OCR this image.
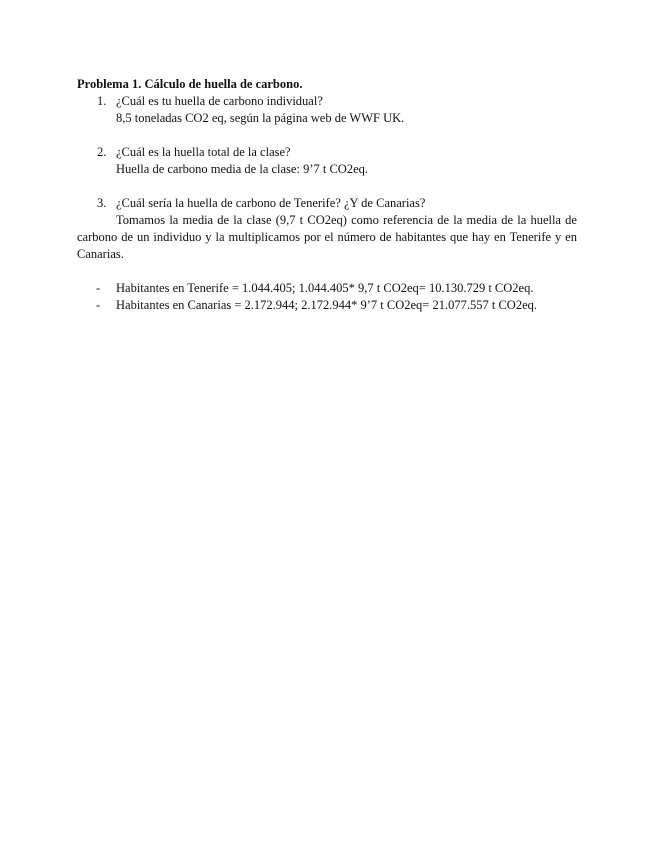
Problema 1. Cálculo de huella de carbono.
1. ¿Cuál es tu huella de carbono individual?
8,5 toneladas CO2 eq, según la página web de WWF UK.
2. ¿Cuál es la huella total de la clase?
Huella de carbono media de la clase: 9’7 t CO2eq.
3. ¿Cuál sería la huella de carbono de Tenerife? ¿Y de Canarias?

Tomamos la media de la clase (9,7 t CO2eq) como referencia de la media de la huella de carbono de un individuo y la multiplicamos por el número de habitantes que hay en Tenerife y en Canarias.

- Habitantes en Tenerife = 1.044.405; 1.044.405* 9,7 t CO2eq= 10.130.729 t CO2eq.
- Habitantes en Canarias = 2.172.944; 2.172.944* 9’7 t CO2eq= 21.077.557 t CO2eq.
